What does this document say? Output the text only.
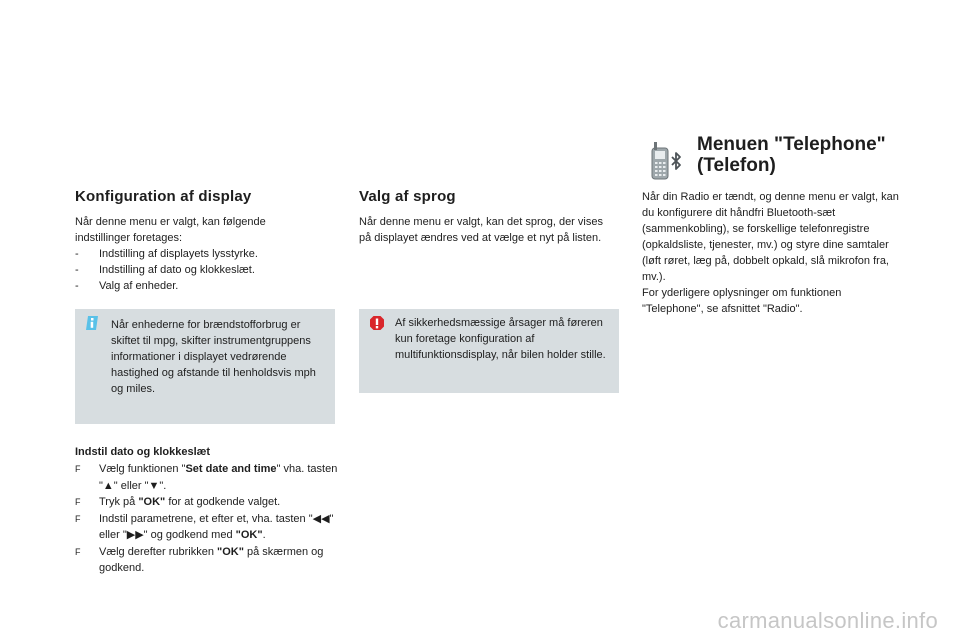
Konfiguration af display

Når denne menu er valgt, kan følgende indstillinger foretages:

-	Indstilling af displayets lysstyrke.
-	Indstilling af dato og klokkeslæt.
-	Valg af enheder.
Når enhederne for brændstofforbrug er skiftet til mpg, skifter instrumentgruppens informationer i displayet vedrørende hastighed og afstande til henholdsvis mph og miles.
Indstil dato og klokkeslæt
F	Vælg funktionen "Set date and time" vha. tasten "▲" eller "▼".
F	Tryk på "OK" for at godkende valget.
F	Indstil parametrene, et efter et, vha. tasten "◀◀" eller "▶▶" og godkend med "OK".
F	Vælg derefter rubrikken "OK" på skærmen og godkend.
Valg af sprog

Når denne menu er valgt, kan det sprog, der vises på displayet ændres ved at vælge et nyt på listen.

Af sikkerhedsmæssige årsager må føreren kun foretage konfiguration af multifunktionsdisplay, når bilen holder stille.
Menuen "Telephone"
(Telefon)

Når din Radio er tændt, og denne menu er valgt, kan du konfigurere dit håndfri Bluetooth-sæt (sammenkobling), se forskellige telefonregistre (opkaldsliste, tjenester, mv.) og styre dine samtaler (løft røret, læg på, dobbelt opkald, slå mikrofon fra, mv.).

For yderligere oplysninger om funktionen "Telephone", se afsnittet "Radio".

carmanualsonline.info
